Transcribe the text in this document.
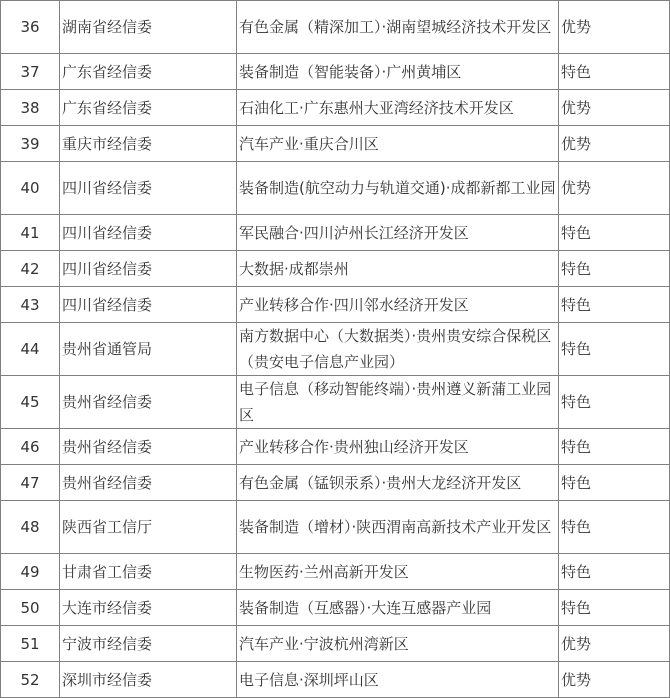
36	湖南省经信委	有色金属（精深加工）·湖南望城经济技术开发区	优势
37	广东省经信委	装备制造（智能装备）·广州黄埔区	特色
38	广东省经信委	石油化工·广东惠州大亚湾经济技术开发区	优势
39	重庆市经信委	汽车产业·重庆合川区	优势
40	四川省经信委	装备制造(航空动力与轨道交通)·成都新都工业园	优势
41	四川省经信委	军民融合·四川泸州长江经济开发区	特色
42	四川省经信委	大数据·成都崇州	特色
43	四川省经信委	产业转移合作·四川邻水经济开发区	特色
44	贵州省通管局	南方数据中心（大数据类）·贵州贵安综合保税区（贵安电子信息产业园）	特色
45	贵州省经信委	电子信息（移动智能终端）·贵州遵义新蒲工业园区	特色
46	贵州省经信委	产业转移合作·贵州独山经济开发区	特色
47	贵州省经信委	有色金属（锰钡汞系）·贵州大龙经济开发区	特色
48	陕西省工信厅	装备制造（增材）·陕西渭南高新技术产业开发区	特色
49	甘肃省工信委	生物医药·兰州高新开发区	特色
50	大连市经信委	装备制造（互感器）·大连互感器产业园	特色
51	宁波市经信委	汽车产业·宁波杭州湾新区	优势
52	深圳市经信委	电子信息·深圳坪山区	优势
